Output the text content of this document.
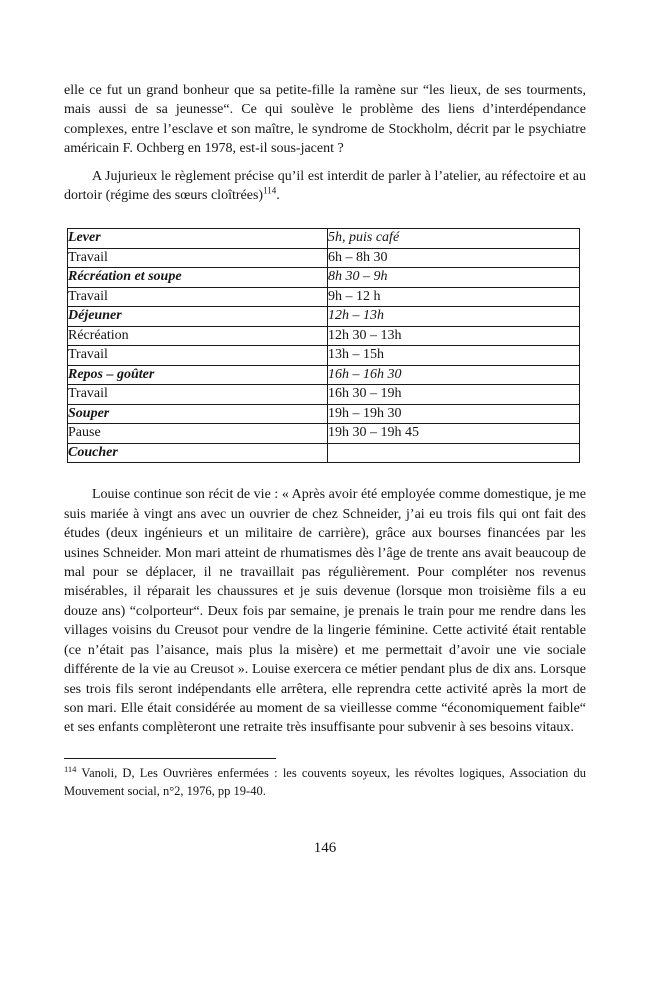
elle ce fut un grand bonheur que sa petite-fille la ramène sur “les lieux, de ses tourments, mais aussi de sa jeunesse“. Ce qui soulève le problème des liens d’interdépendance complexes, entre l’esclave et son maître, le syndrome de Stockholm, décrit par le psychiatre américain F. Ochberg en 1978, est-il sous-jacent ?

A Jujurieux le règlement précise qu’il est interdit de parler à l’atelier, au réfectoire et au dortoir (régime des sœurs cloîtrées)$^{114}$.

Lever	5h, puis café
Travail	6h – 8h 30
Récréation et soupe	8h 30 – 9h
Travail	9h – 12 h
Déjeuner	12h – 13h
Récréation	12h 30 – 13h
Travail	13h – 15h
Repos – goûter	16h – 16h 30
Travail	16h 30 – 19h
Souper	19h – 19h 30
Pause	19h 30 – 19h 45
Coucher	

Louise continue son récit de vie : « Après avoir été employée comme domestique, je me suis mariée à vingt ans avec un ouvrier de chez Schneider, j’ai eu trois fils qui ont fait des études (deux ingénieurs et un militaire de carrière), grâce aux bourses financées par les usines Schneider. Mon mari atteint de rhumatismes dès l’âge de trente ans avait beaucoup de mal pour se déplacer, il ne travaillait pas régulièrement. Pour compléter nos revenus misérables, il réparait les chaussures et je suis devenue (lorsque mon troisième fils a eu douze ans) “colporteur“. Deux fois par semaine, je prenais le train pour me rendre dans les villages voisins du Creusot pour vendre de la lingerie féminine. Cette activité était rentable (ce n’était pas l’aisance, mais plus la misère) et me permettait d’avoir une vie sociale différente de la vie au Creusot ». Louise exercera ce métier pendant plus de dix ans. Lorsque ses trois fils seront indépendants elle arrêtera, elle reprendra cette activité après la mort de son mari. Elle était considérée au moment de sa vieillesse comme “économiquement faible“ et ses enfants complèteront une retraite très insuffisante pour subvenir à ses besoins vitaux.

$^{114}$ Vanoli, D, Les Ouvrières enfermées : les couvents soyeux, les révoltes logiques, Association du Mouvement social, n°2, 1976, pp 19-40.

146
